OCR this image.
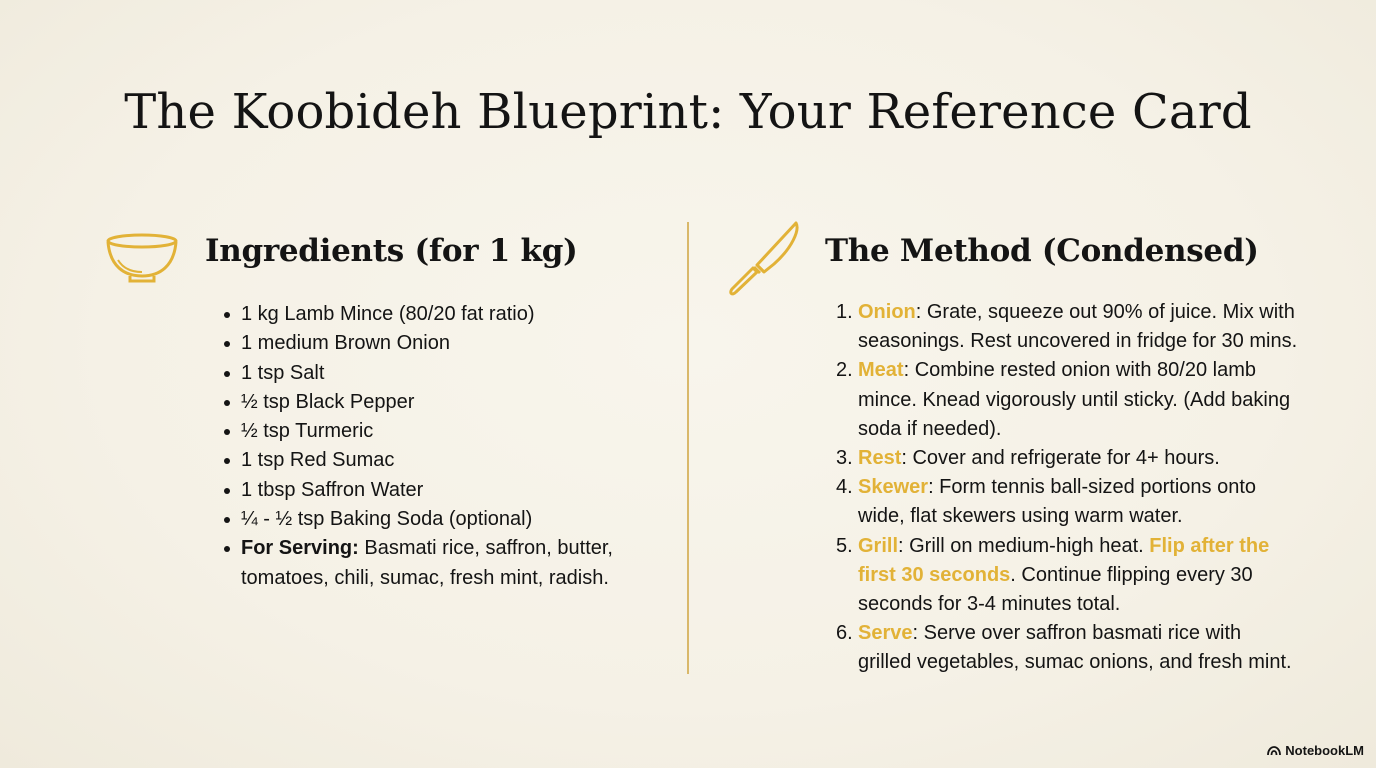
The Koobideh Blueprint: Your Reference Card
Ingredients (for 1 kg)
1 kg Lamb Mince (80/20 fat ratio)
1 medium Brown Onion
1 tsp Salt
½ tsp Black Pepper
½ tsp Turmeric
1 tsp Red Sumac
1 tbsp Saffron Water
¼ - ½ tsp Baking Soda (optional)
For Serving: Basmati rice, saffron, butter, tomatoes, chili, sumac, fresh mint, radish.
The Method (Condensed)
1. Onion: Grate, squeeze out 90% of juice. Mix with seasonings. Rest uncovered in fridge for 30 mins.
2. Meat: Combine rested onion with 80/20 lamb mince. Knead vigorously until sticky. (Add baking soda if needed).
3. Rest: Cover and refrigerate for 4+ hours.
4. Skewer: Form tennis ball-sized portions onto wide, flat skewers using warm water.
5. Grill: Grill on medium-high heat. Flip after the first 30 seconds. Continue flipping every 30 seconds for 3-4 minutes total.
6. Serve: Serve over saffron basmati rice with grilled vegetables, sumac onions, and fresh mint.
NotebookLM
